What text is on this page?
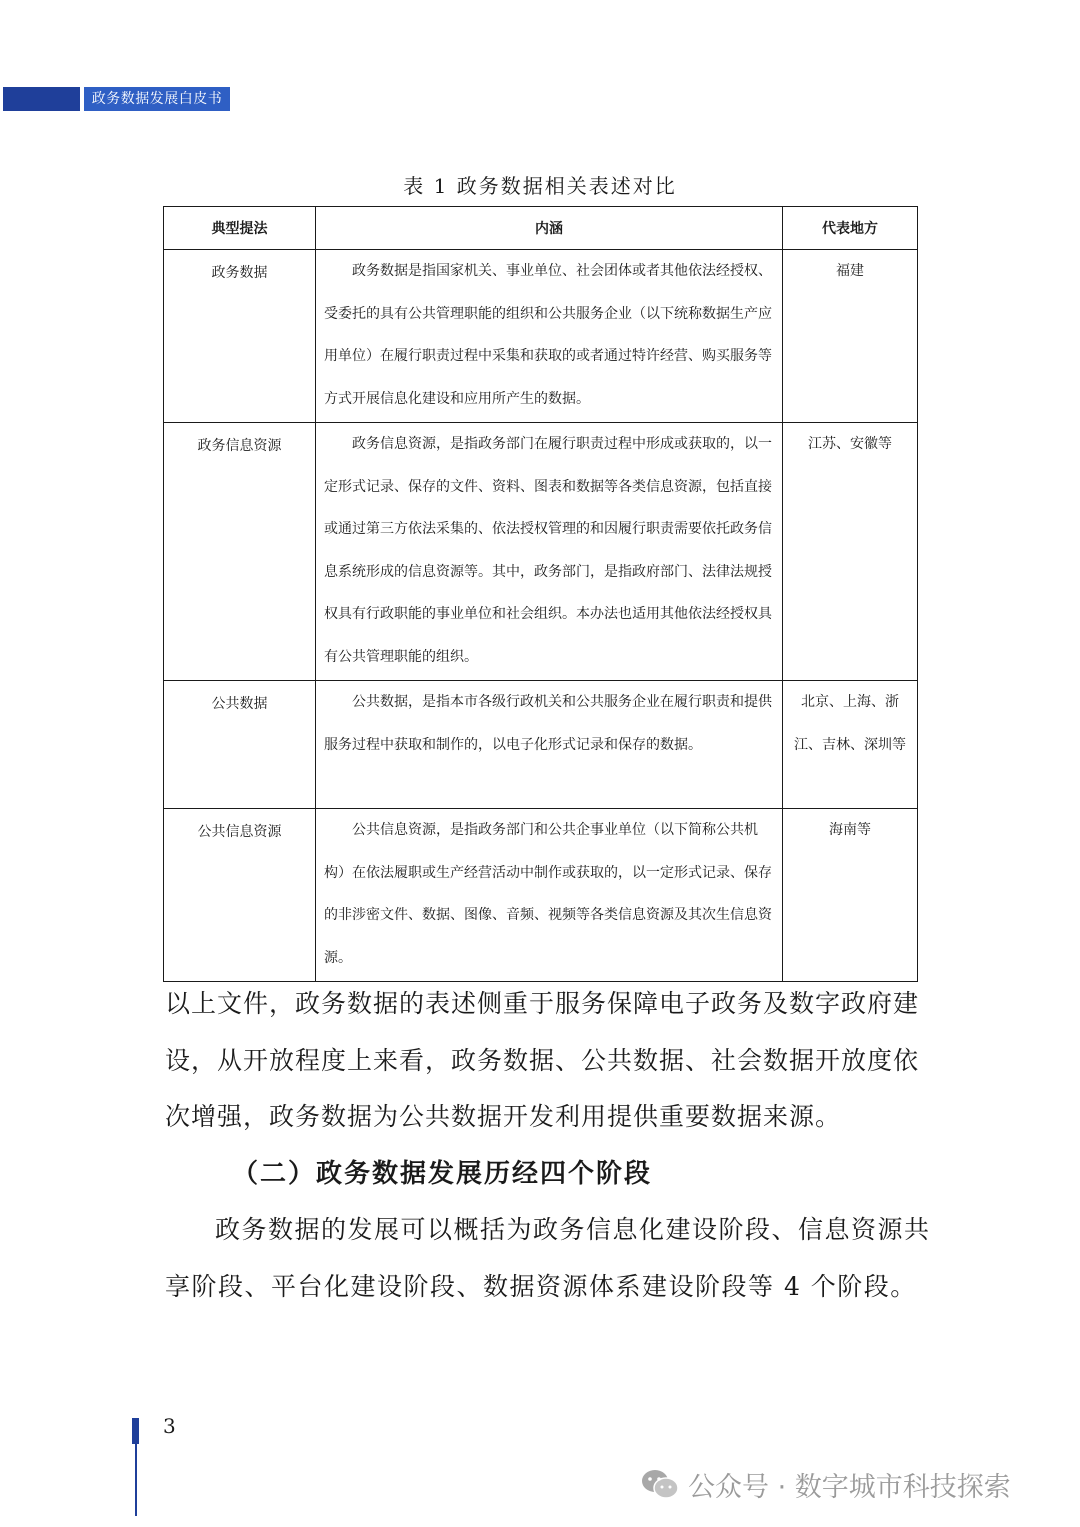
政务数据发展白皮书
表 1 政务数据相关表述对比
典型提法	内涵	代表地方
政务数据	政务数据是指国家机关、事业单位、社会团体或者其他依法经授权、受委托的具有公共管理职能的组织和公共服务企业（以下统称数据生产应用单位）在履行职责过程中采集和获取的或者通过特许经营、购买服务等方式开展信息化建设和应用所产生的数据。	福建
政务信息资源	政务信息资源，是指政务部门在履行职责过程中形成或获取的，以一定形式记录、保存的文件、资料、图表和数据等各类信息资源，包括直接或通过第三方依法采集的、依法授权管理的和因履行职责需要依托政务信息系统形成的信息资源等。其中，政务部门，是指政府部门、法律法规授权具有行政职能的事业单位和社会组织。本办法也适用其他依法经授权具有公共管理职能的组织。	江苏、安徽等
公共数据	公共数据，是指本市各级行政机关和公共服务企业在履行职责和提供服务过程中获取和制作的，以电子化形式记录和保存的数据。	北京、上海、浙江、吉林、深圳等
公共信息资源	公共信息资源，是指政务部门和公共企事业单位（以下简称公共机构）在依法履职或生产经营活动中制作或获取的，以一定形式记录、保存的非涉密文件、数据、图像、音频、视频等各类信息资源及其次生信息资源。	海南等
以上文件，政务数据的表述侧重于服务保障电子政务及数字政府建设，从开放程度上来看，政务数据、公共数据、社会数据开放度依次增强，政务数据为公共数据开发利用提供重要数据来源。
（二）政务数据发展历经四个阶段
政务数据的发展可以概括为政务信息化建设阶段、信息资源共享阶段、平台化建设阶段、数据资源体系建设阶段等 4 个阶段。
3
公众号 · 数字城市科技探索
